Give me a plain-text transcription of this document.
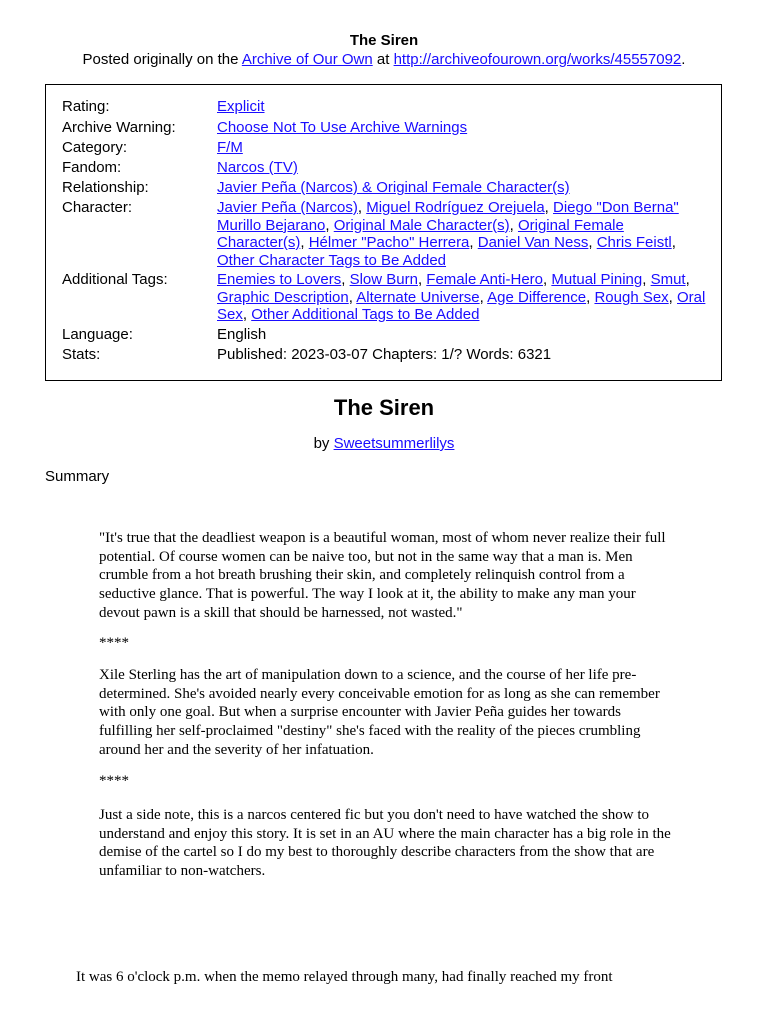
The Siren
Posted originally on the Archive of Our Own at http://archiveofourown.org/works/45557092.
Rating:	Explicit
Archive Warning:	Choose Not To Use Archive Warnings
Category:	F/M
Fandom:	Narcos (TV)
Relationship:	Javier Peña (Narcos) & Original Female Character(s)
Character:	Javier Peña (Narcos), Miguel Rodríguez Orejuela, Diego "Don Berna" Murillo Bejarano, Original Male Character(s), Original Female Character(s), Hélmer "Pacho" Herrera, Daniel Van Ness, Chris Feistl, Other Character Tags to Be Added
Additional Tags:	Enemies to Lovers, Slow Burn, Female Anti-Hero, Mutual Pining, Smut, Graphic Description, Alternate Universe, Age Difference, Rough Sex, Oral Sex, Other Additional Tags to Be Added
Language:	English
Stats:	Published: 2023-03-07 Chapters: 1/? Words: 6321
The Siren
by Sweetsummerlilys
Summary
"It's true that the deadliest weapon is a beautiful woman, most of whom never realize their full potential. Of course women can be naive too, but not in the same way that a man is. Men crumble from a hot breath brushing their skin, and completely relinquish control from a seductive glance. That is powerful. The way I look at it, the ability to make any man your devout pawn is a skill that should be harnessed, not wasted."
****
Xile Sterling has the art of manipulation down to a science, and the course of her life pre-determined. She's avoided nearly every conceivable emotion for as long as she can remember with only one goal. But when a surprise encounter with Javier Peña guides her towards fulfilling her self-proclaimed "destiny" she's faced with the reality of the pieces crumbling around her and the severity of her infatuation.
****
Just a side note, this is a narcos centered fic but you don't need to have watched the show to understand and enjoy this story. It is set in an AU where the main character has a big role in the demise of the cartel so I do my best to thoroughly describe characters from the show that are unfamiliar to non-watchers.
It was 6 o'clock p.m. when the memo relayed through many, had finally reached my front
